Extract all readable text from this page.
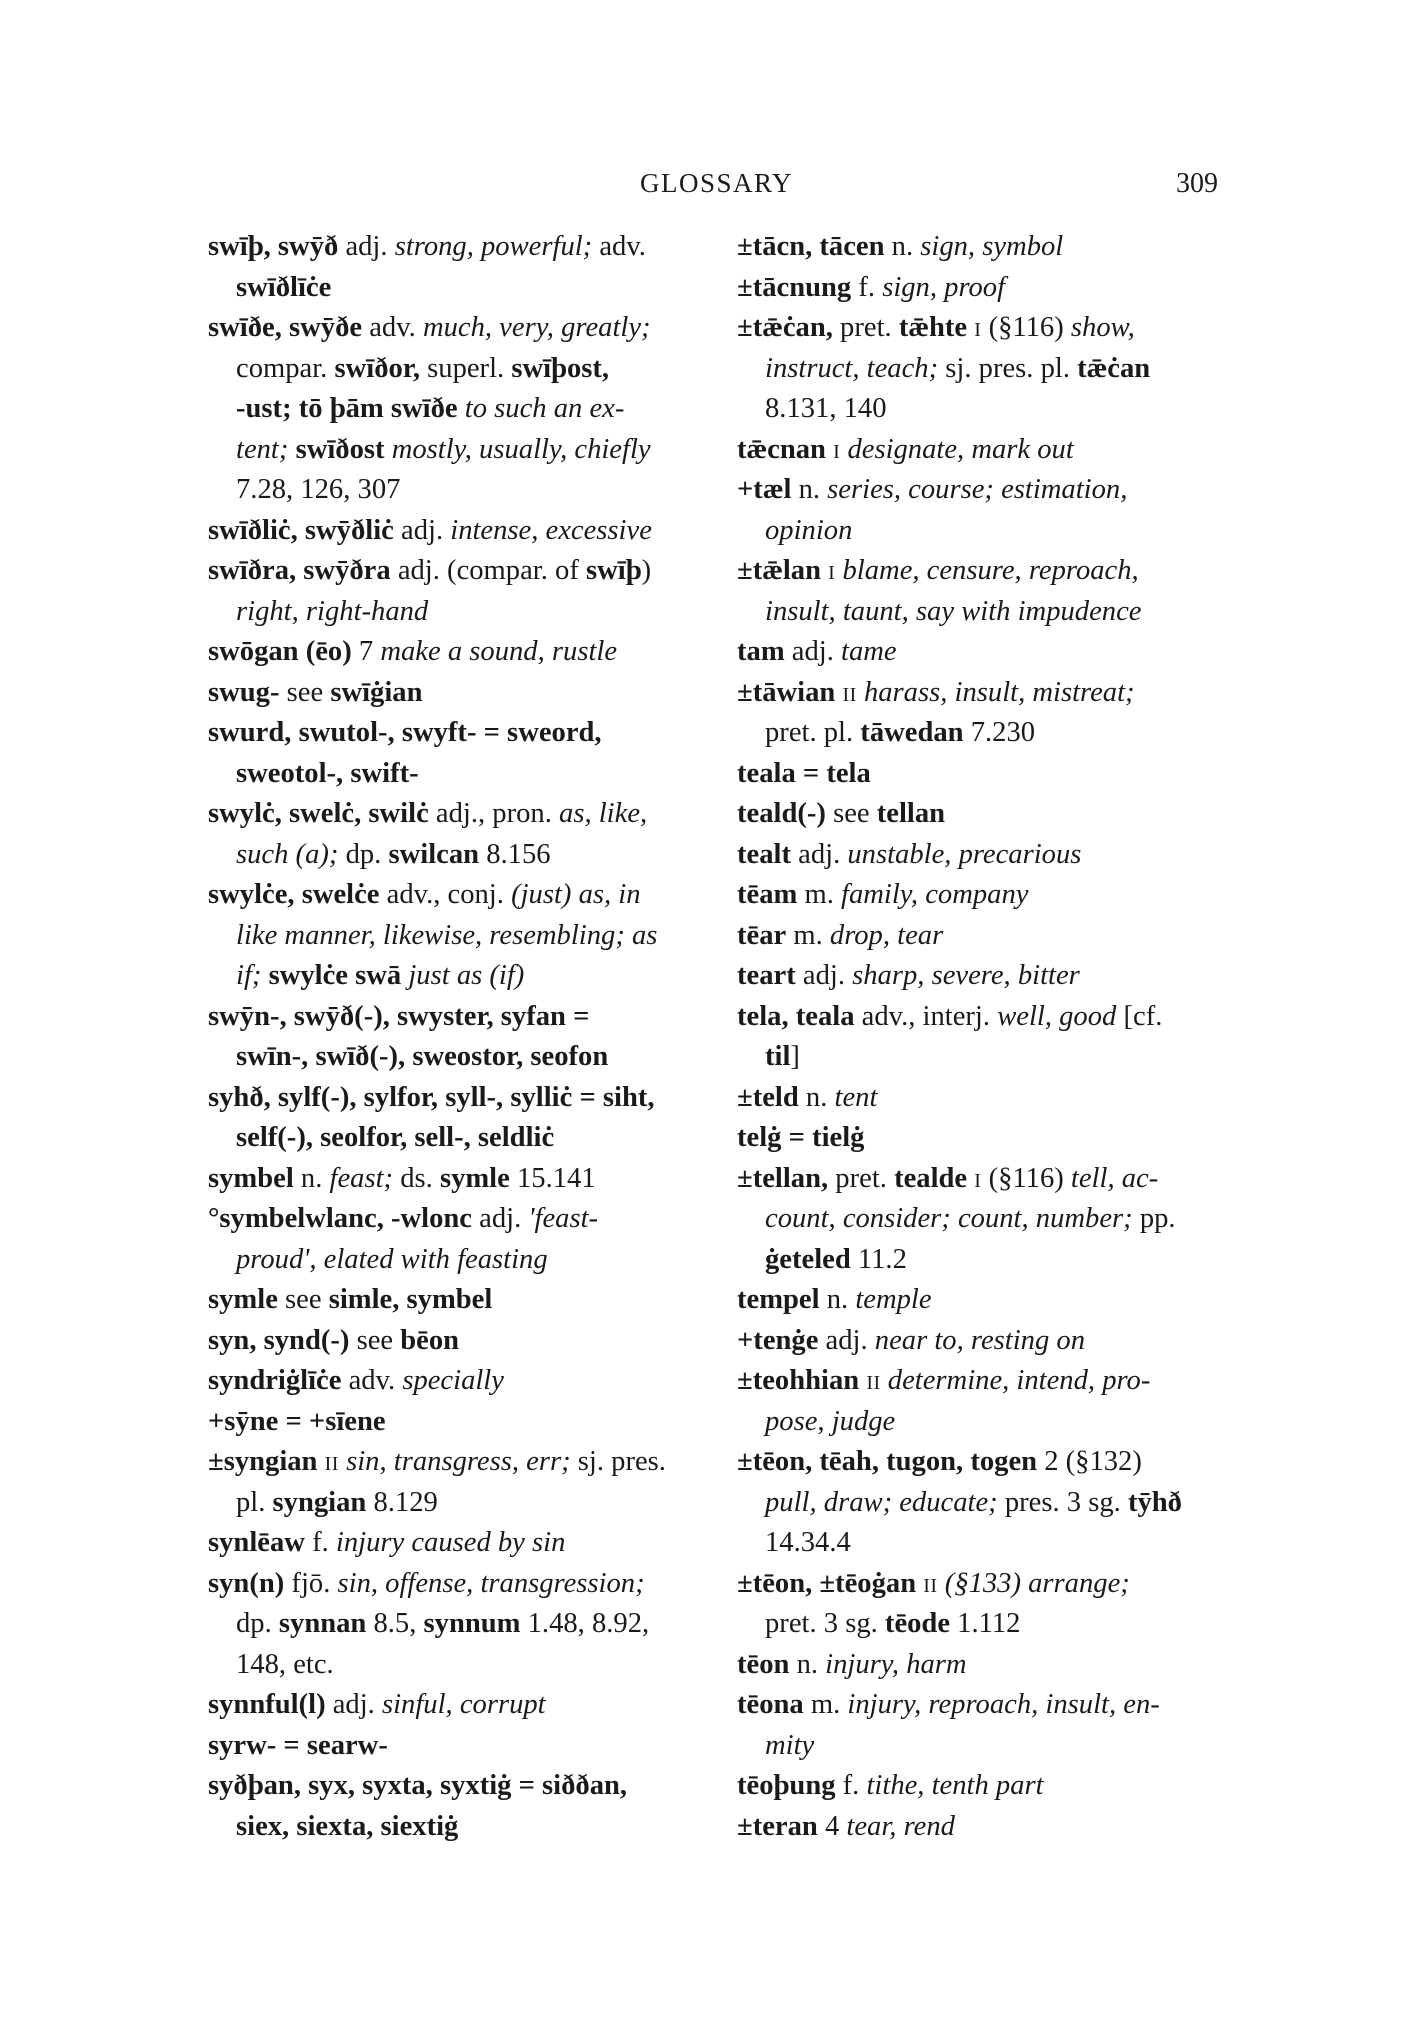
GLOSSARY	309
swīþ, swӯð adj. strong, powerful; adv.
swīðlīċe
swīðe, swӯðe adv. much, very, greatly;
compar. swīðor, superl. swīþost,
-ust; tō þām swīðe to such an ex-
tent; swīðost mostly, usually, chiefly
7.28, 126, 307
swīðliċ, swӯðliċ adj. intense, excessive
swīðra, swӯðra adj. (compar. of swīþ)
right, right-hand
swōgan (ēo) 7 make a sound, rustle
swug- see swīġian
swurd, swutol-, swyft- = sweord,
sweotol-, swift-
swylċ, swelċ, swilċ adj., pron. as, like,
such (a); dp. swilcan 8.156
swylċe, swelċe adv., conj. (just) as, in
like manner, likewise, resembling; as
if; swylċe swā just as (if)
swӯn-, swӯð(-), swyster, syfan =
swīn-, swīð(-), sweostor, seofon
syhð, sylf(-), sylfor, syll-, sylliċ = siht,
self(-), seolfor, sell-, seldliċ
symbel n. feast; ds. symle 15.141
°symbelwlanc, -wlonc adj. 'feast-
proud', elated with feasting
symle see simle, symbel
syn, synd(-) see bēon
syndriġlīċe adv. specially
+sӯne = +sīene
±syngian II sin, transgress, err; sj. pres.
pl. syngian 8.129
synlēaw f. injury caused by sin
syn(n) fjō. sin, offense, transgression;
dp. synnan 8.5, synnum 1.48, 8.92,
148, etc.
synnful(l) adj. sinful, corrupt
syrw- = searw-
syðþan, syx, syxta, syxtiġ = siððan,
siex, siexta, siextiġ
±tācn, tācen n. sign, symbol
±tācnung f. sign, proof
±tǣċan, pret. tǣhte I (§116) show,
instruct, teach; sj. pres. pl. tǣċan
8.131, 140
tǣcnan I designate, mark out
+tæl n. series, course; estimation,
opinion
±tǣlan I blame, censure, reproach,
insult, taunt, say with impudence
tam adj. tame
±tāwian II harass, insult, mistreat;
pret. pl. tāwedan 7.230
teala = tela
teald(-) see tellan
tealt adj. unstable, precarious
tēam m. family, company
tēar m. drop, tear
teart adj. sharp, severe, bitter
tela, teala adv., interj. well, good [cf.
til]
±teld n. tent
telġ = tielġ
±tellan, pret. tealde I (§116) tell, ac-
count, consider; count, number; pp.
ġeteled 11.2
tempel n. temple
+tenġe adj. near to, resting on
±teohhian II determine, intend, pro-
pose, judge
±tēon, tēah, tugon, togen 2 (§132)
pull, draw; educate; pres. 3 sg. tӯhð
14.34.4
±tēon, ±tēoġan II (§133) arrange;
pret. 3 sg. tēode 1.112
tēon n. injury, harm
tēona m. injury, reproach, insult, en-
mity
tēoþung f. tithe, tenth part
±teran 4 tear, rend
